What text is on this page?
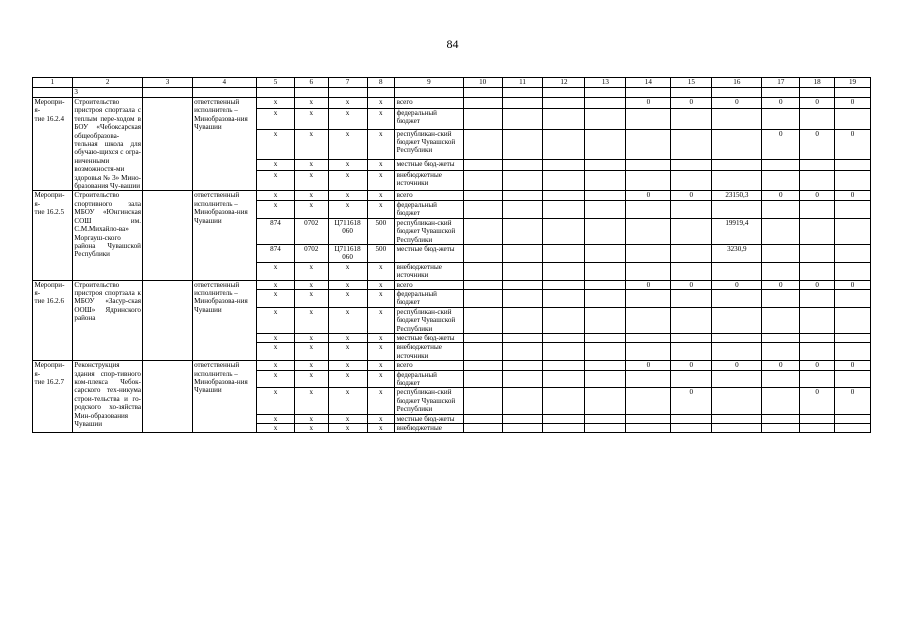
84
1	2	3	4	5	6	7	8	9	10	11	12	13	14	15	16	17	18	19
	3																	
Меропри-
я-
тие 16.2.4	Строительство пристроя спортзала с теплым пере-ходом в БОУ «Чебоксарская общеобразова-тельная школа для обучаю-щихся с огра-ниченными возможностя-ми здоровья № 3» Мино-бразования Чу-вашии		ответственный исполнитель – Минобразова-ния Чувашии	x	x	x	x	всего					0	0	0	0	0	0
				x	x	x	x	федеральный бюджет										
				x	x	x	x	республикан-ский бюджет Чувашской Республики								0	0	0
				x	x	x	x	местные бюд-жеты										
				x	x	x	x	внебюджетные источники										
Меропри-
я-
тие 16.2.5	Строительство спортивного зала МБОУ «Юнгинская СОШ им. С.М.Михайло-ва» Моргауш-ского района Чувашской Республики		ответственный исполнитель – Минобразова-ния Чувашии	x	x	x	x	всего					0	0	23150,3	0	0	0
				x	x	x	x	федеральный бюджет										
				874	0702	Ц711618 060	500	республикан-ский бюджет Чувашской Республики							19919,4			
				874	0702	Ц711618 060	500	местные бюд-жеты							3230,9			
				x	x	x	x	внебюджетные источники										
Меропри-
я-
тие 16.2.6	Строительство пристроя спортзала к МБОУ «Засур-ская ООШ» Ядринского района		ответственный исполнитель – Минобразова-ния Чувашии	x	x	x	x	всего					0	0	0	0	0	0
				x	x	x	x	федеральный бюджет										
				x	x	x	x	республикан-ский бюджет Чувашской Республики										
				x	x	x	x	местные бюд-жеты										
				x	x	x	x	внебюджетные источники										
Меропри-
я-
тие 16.2.7	Реконструкция здания спор-тивного ком-плекса Чебок-сарского тех-никума строи-тельства и го-родского хо-зяйства Мин-образования Чувашии		ответственный исполнитель – Минобразова-ния Чувашии	x	x	x	x	всего					0	0	0	0	0	0
				x	x	x	x	федеральный бюджет										
				x	x	x	x	республикан-ский бюджет Чувашской Республики						0			0	0
				x	x	x	x	местные бюд-жеты										
				x	x	x	x	внебюджетные										
